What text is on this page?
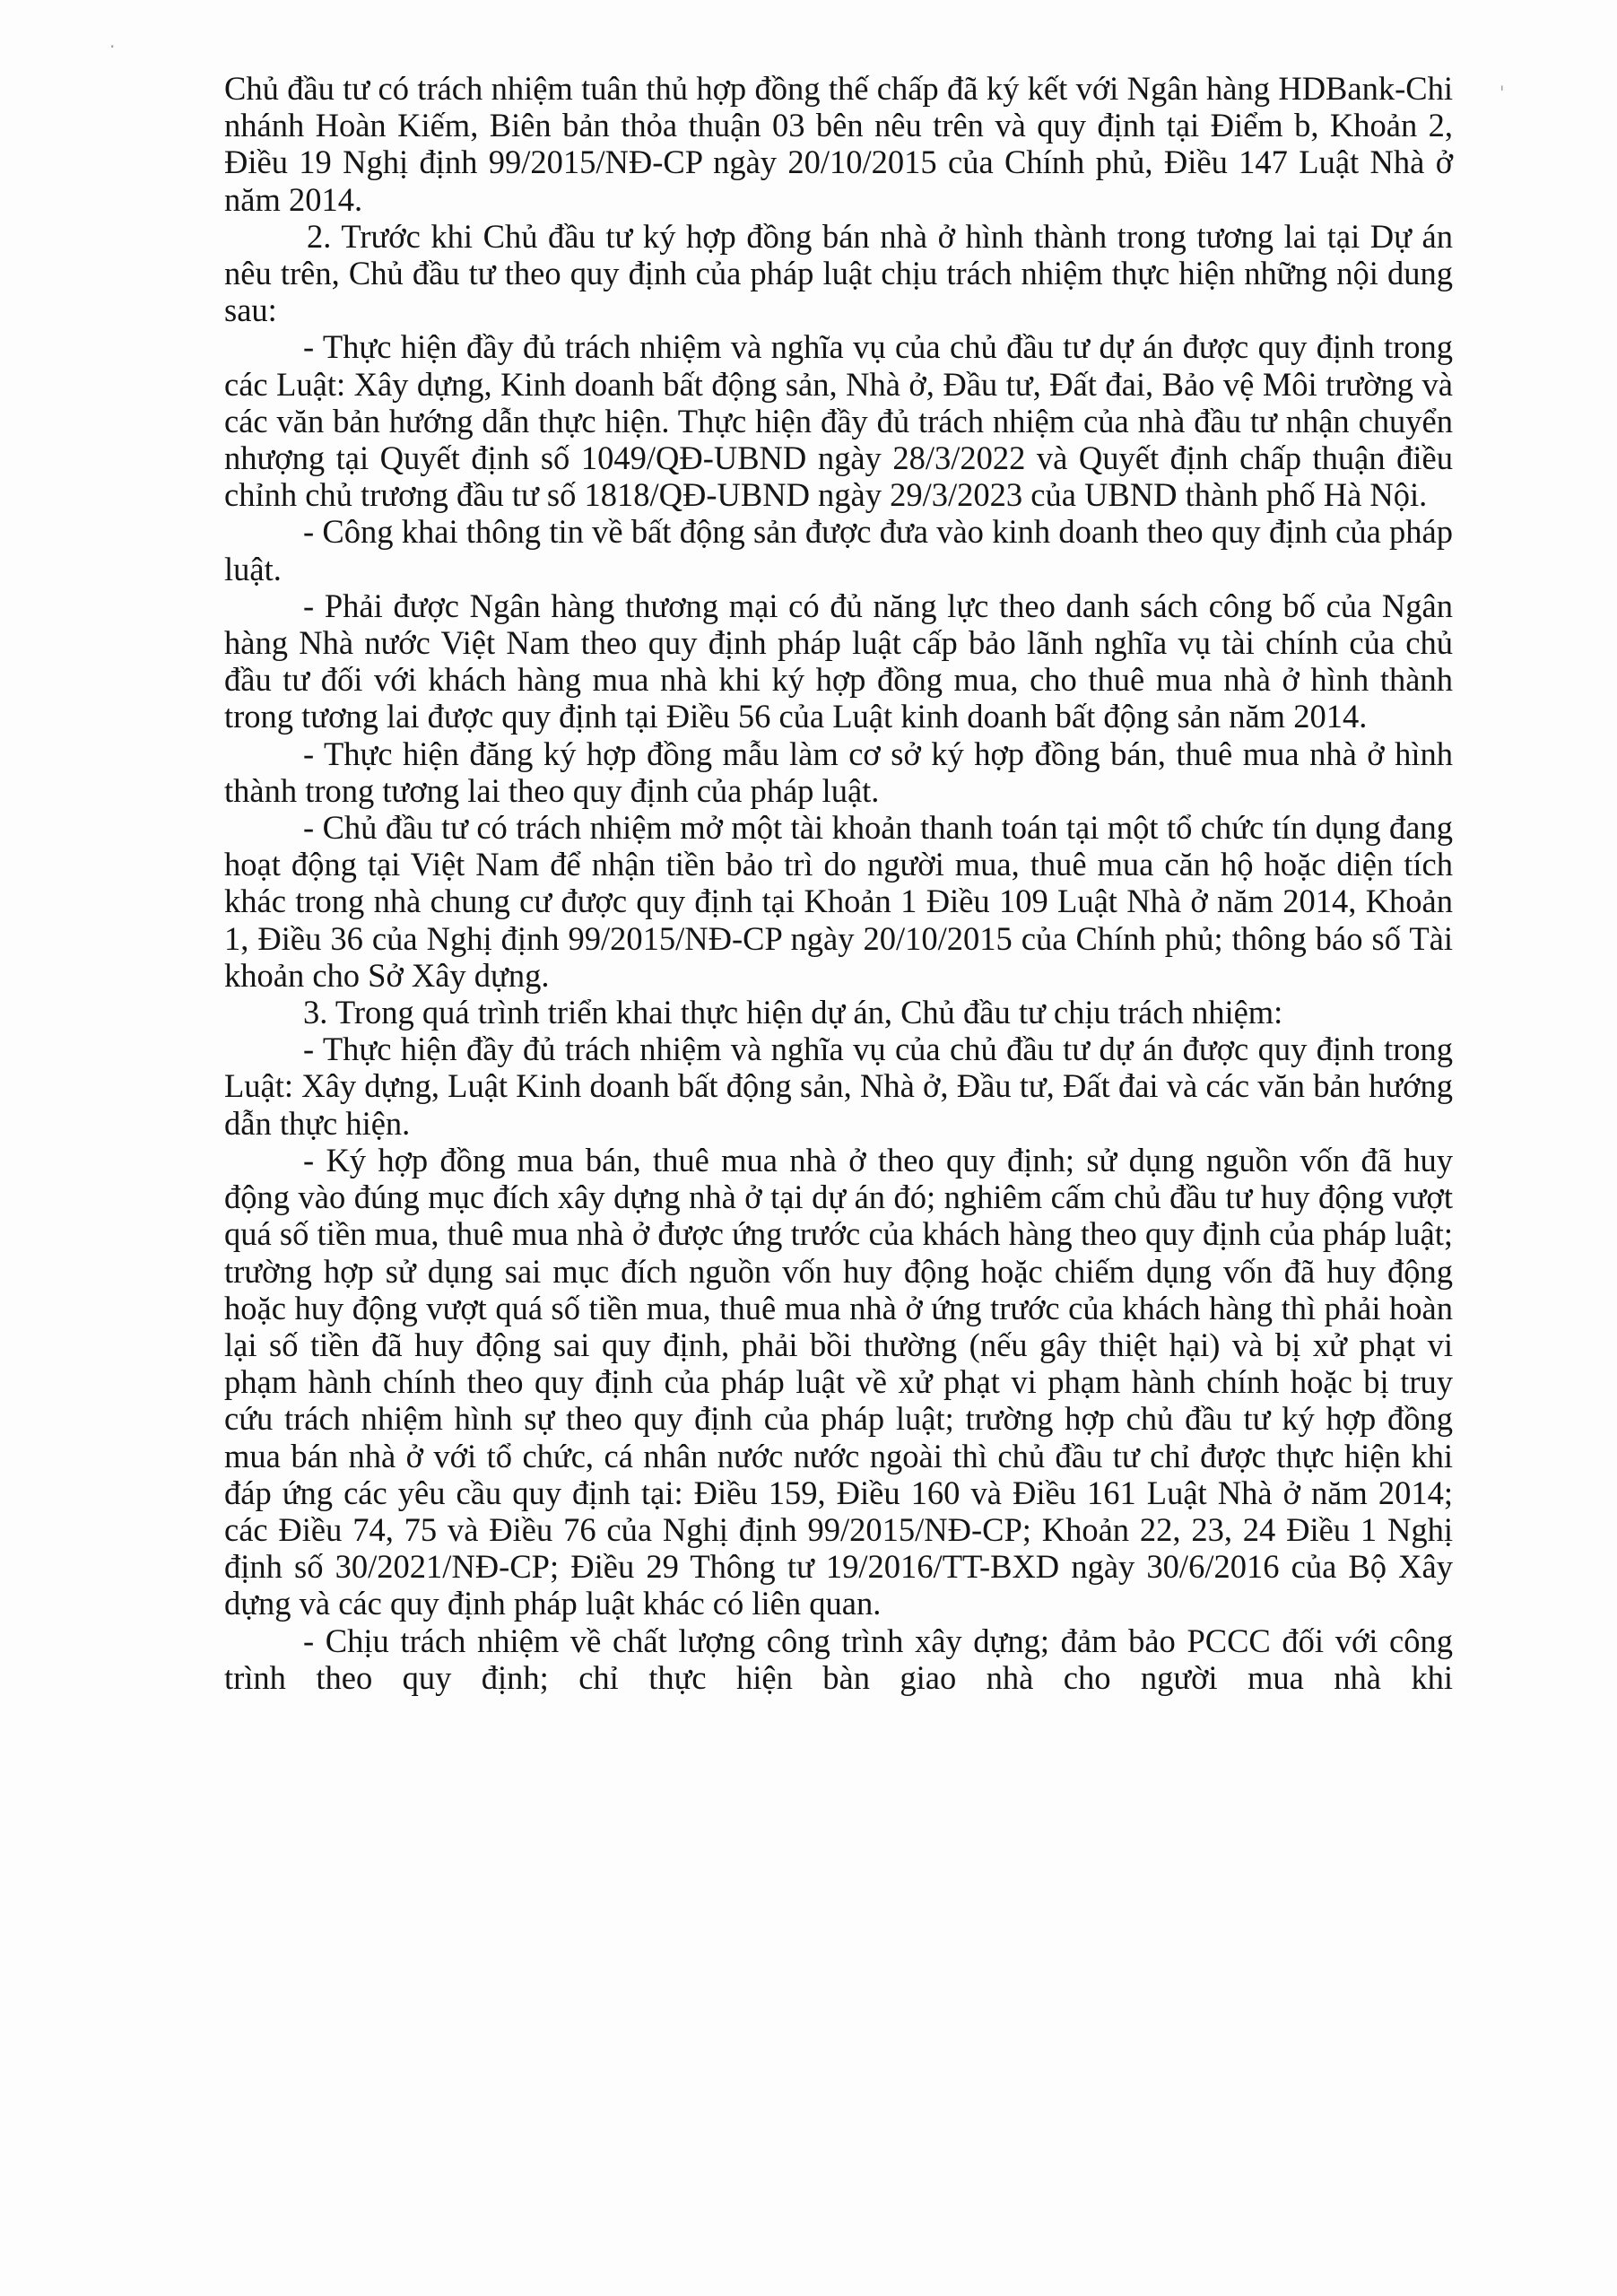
·
ˈ

Chủ đầu tư có trách nhiệm tuân thủ hợp đồng thế chấp đã ký kết với Ngân hàng HDBank-Chi nhánh Hoàn Kiếm, Biên bản thỏa thuận 03 bên nêu trên và quy định tại Điểm b, Khoản 2, Điều 19 Nghị định 99/2015/NĐ-CP ngày 20/10/2015 của Chính phủ, Điều 147 Luật Nhà ở năm 2014.

2. Trước khi Chủ đầu tư ký hợp đồng bán nhà ở hình thành trong tương lai tại Dự án nêu trên, Chủ đầu tư theo quy định của pháp luật chịu trách nhiệm thực hiện những nội dung sau:

- Thực hiện đầy đủ trách nhiệm và nghĩa vụ của chủ đầu tư dự án được quy định trong các Luật: Xây dựng, Kinh doanh bất động sản, Nhà ở, Đầu tư, Đất đai, Bảo vệ Môi trường và các văn bản hướng dẫn thực hiện. Thực hiện đầy đủ trách nhiệm của nhà đầu tư nhận chuyển nhượng tại Quyết định số 1049/QĐ-UBND ngày 28/3/2022 và Quyết định chấp thuận điều chỉnh chủ trương đầu tư số 1818/QĐ-UBND ngày 29/3/2023 của UBND thành phố Hà Nội.

- Công khai thông tin về bất động sản được đưa vào kinh doanh theo quy định của pháp luật.

- Phải được Ngân hàng thương mại có đủ năng lực theo danh sách công bố của Ngân hàng Nhà nước Việt Nam theo quy định pháp luật cấp bảo lãnh nghĩa vụ tài chính của chủ đầu tư đối với khách hàng mua nhà khi ký hợp đồng mua, cho thuê mua nhà ở hình thành trong tương lai được quy định tại Điều 56 của Luật kinh doanh bất động sản năm 2014.

- Thực hiện đăng ký hợp đồng mẫu làm cơ sở ký hợp đồng bán, thuê mua nhà ở hình thành trong tương lai theo quy định của pháp luật.

- Chủ đầu tư có trách nhiệm mở một tài khoản thanh toán tại một tổ chức tín dụng đang hoạt động tại Việt Nam để nhận tiền bảo trì do người mua, thuê mua căn hộ hoặc diện tích khác trong nhà chung cư được quy định tại Khoản 1 Điều 109 Luật Nhà ở năm 2014, Khoản 1, Điều 36 của Nghị định 99/2015/NĐ-CP ngày 20/10/2015 của Chính phủ; thông báo số Tài khoản cho Sở Xây dựng.

3. Trong quá trình triển khai thực hiện dự án, Chủ đầu tư chịu trách nhiệm:

- Thực hiện đầy đủ trách nhiệm và nghĩa vụ của chủ đầu tư dự án được quy định trong Luật: Xây dựng, Luật Kinh doanh bất động sản, Nhà ở, Đầu tư, Đất đai và các văn bản hướng dẫn thực hiện.

- Ký hợp đồng mua bán, thuê mua nhà ở theo quy định; sử dụng nguồn vốn đã huy động vào đúng mục đích xây dựng nhà ở tại dự án đó; nghiêm cấm chủ đầu tư huy động vượt quá số tiền mua, thuê mua nhà ở được ứng trước của khách hàng theo quy định của pháp luật; trường hợp sử dụng sai mục đích nguồn vốn huy động hoặc chiếm dụng vốn đã huy động hoặc huy động vượt quá số tiền mua, thuê mua nhà ở ứng trước của khách hàng thì phải hoàn lại số tiền đã huy động sai quy định, phải bồi thường (nếu gây thiệt hại) và bị xử phạt vi phạm hành chính theo quy định của pháp luật về xử phạt vi phạm hành chính hoặc bị truy cứu trách nhiệm hình sự theo quy định của pháp luật; trường hợp chủ đầu tư ký hợp đồng mua bán nhà ở với tổ chức, cá nhân nước nước ngoài thì chủ đầu tư chỉ được thực hiện khi đáp ứng các yêu cầu quy định tại: Điều 159, Điều 160 và Điều 161 Luật Nhà ở năm 2014; các Điều 74, 75 và Điều 76 của Nghị định 99/2015/NĐ-CP; Khoản 22, 23, 24 Điều 1 Nghị định số 30/2021/NĐ-CP; Điều 29 Thông tư 19/2016/TT-BXD ngày 30/6/2016 của Bộ Xây dựng và các quy định pháp luật khác có liên quan.

- Chịu trách nhiệm về chất lượng công trình xây dựng; đảm bảo PCCC đối với công trình theo quy định; chỉ thực hiện bàn giao nhà cho người mua nhà khi
